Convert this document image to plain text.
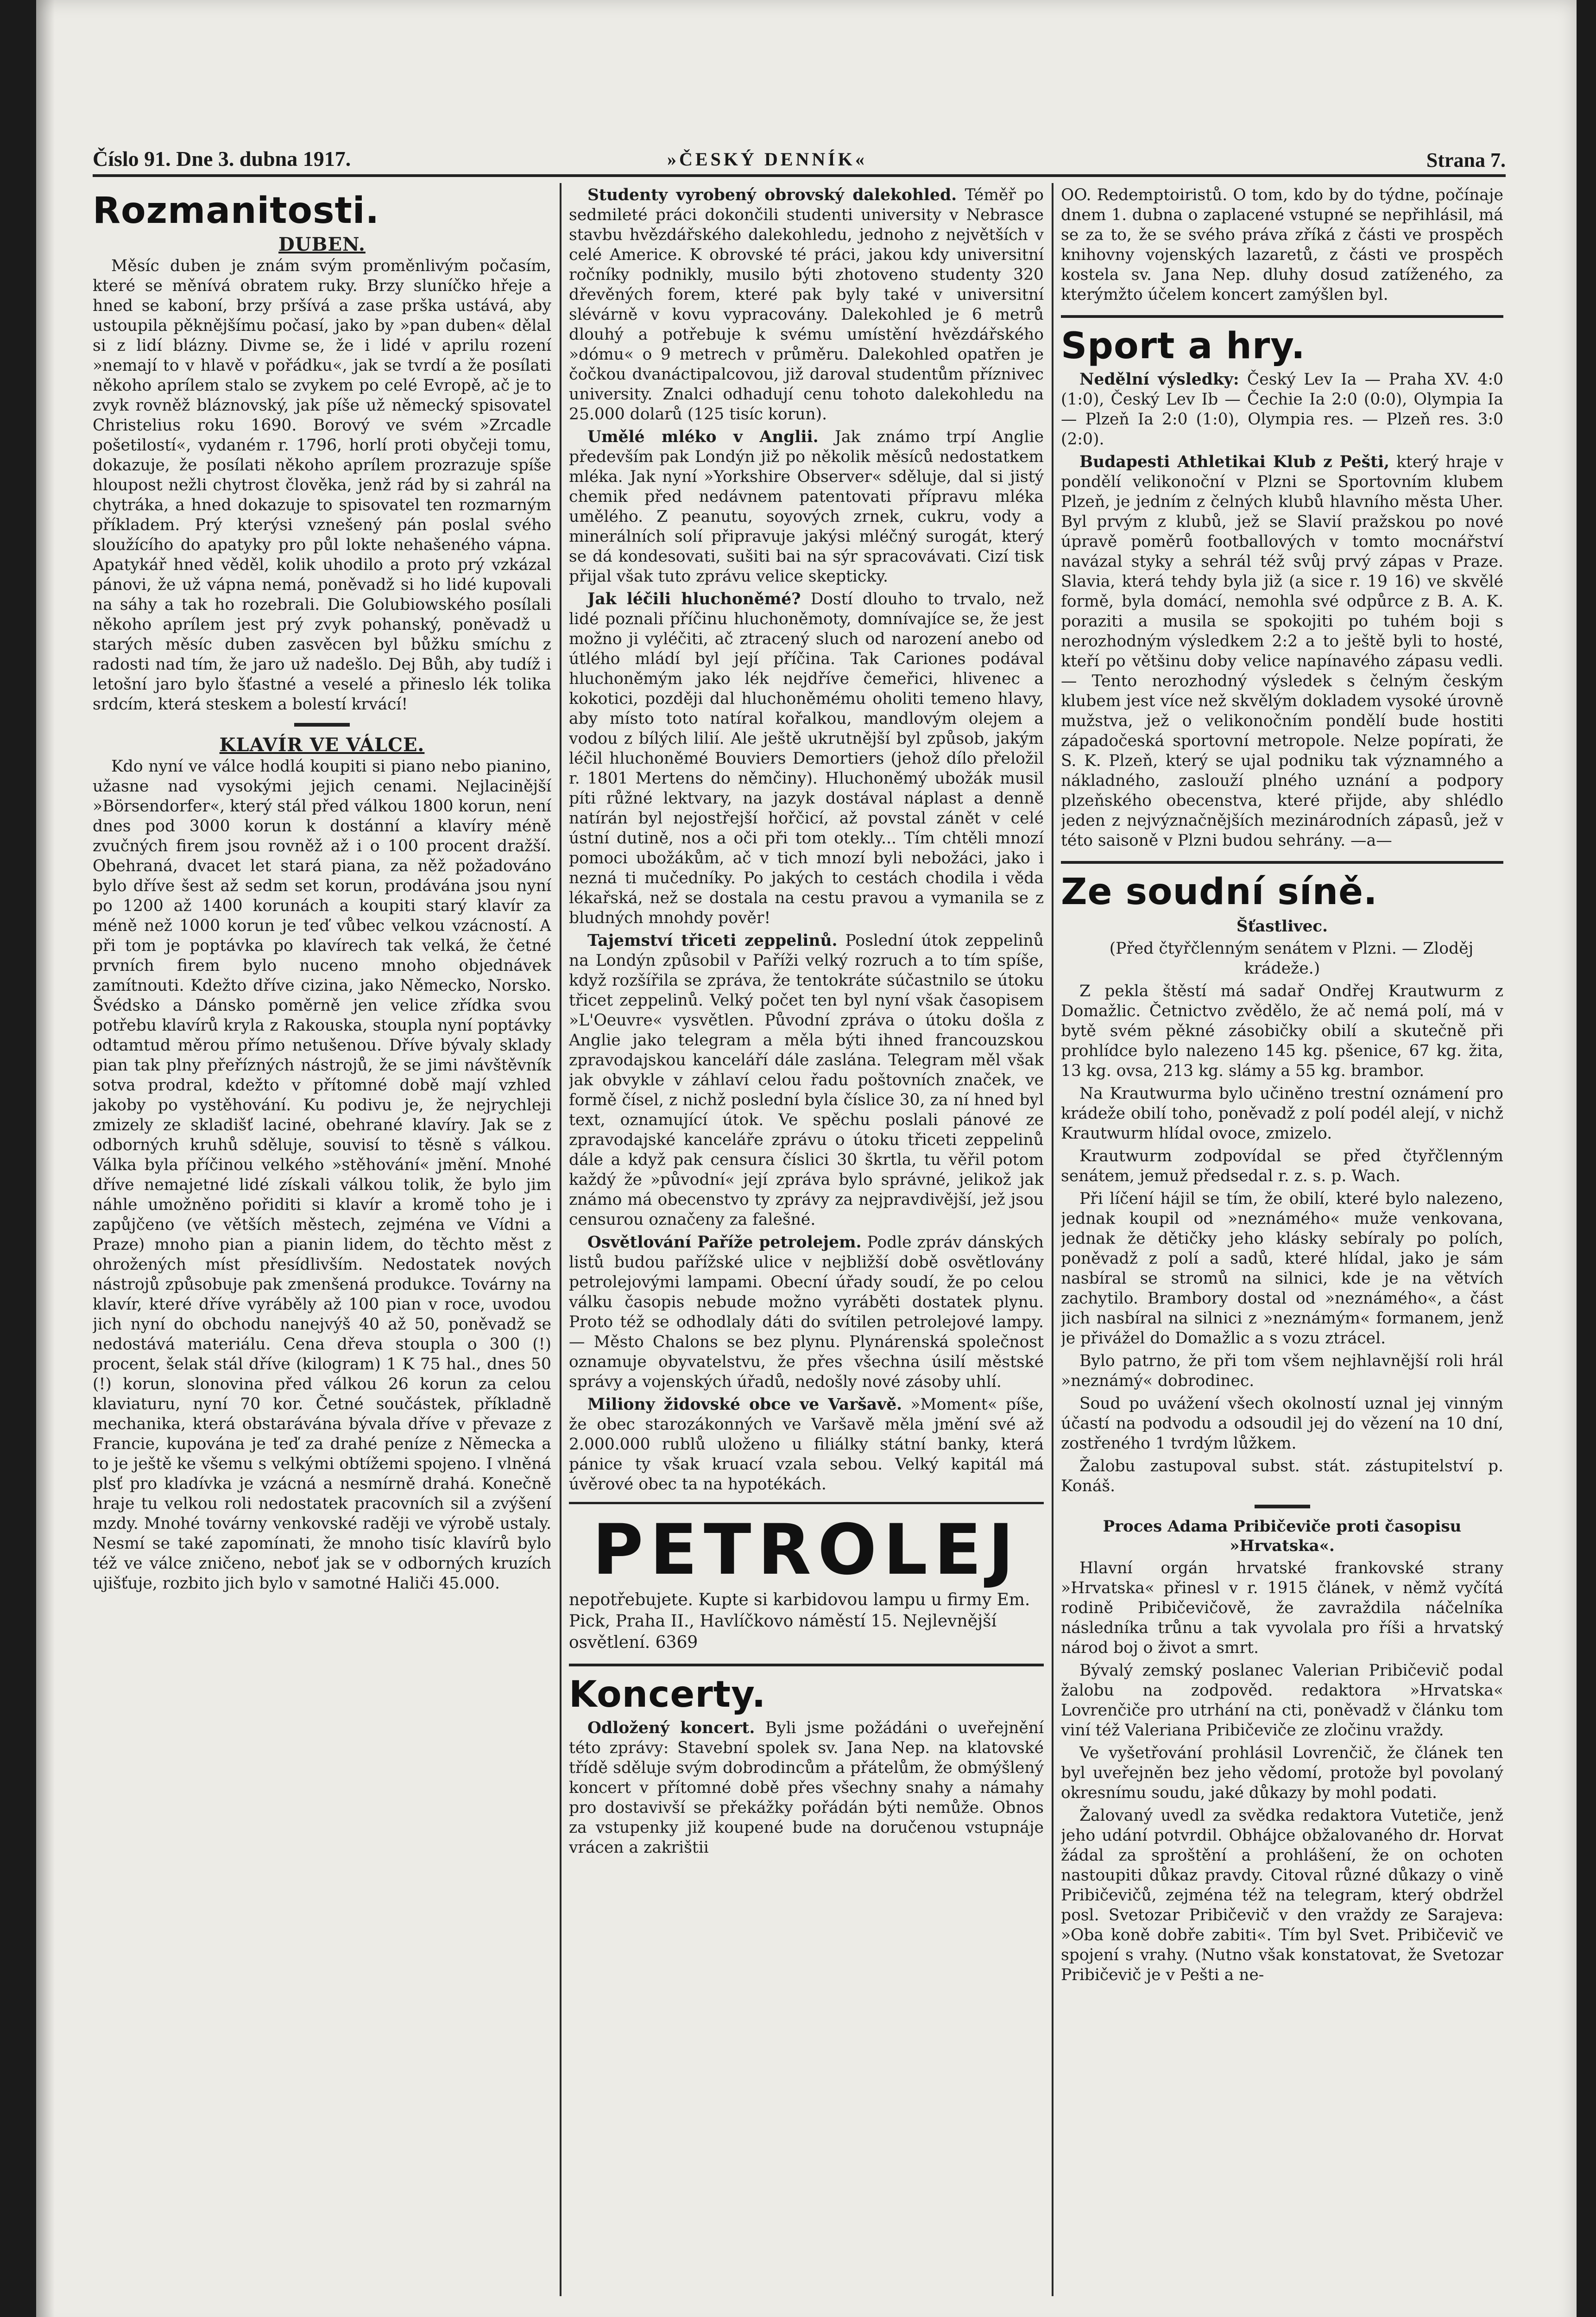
Číslo 91. Dne 3. dubna 1917.	»ČESKÝ DENNÍK«	Strana 7.
Rozmanitosti.
DUBEN.

Měsíc duben je znám svým proměnlivým počasím, které se měnívá obratem ruky. Brzy sluníčko hřeje a hned se kaboní, brzy pršívá a zase prška ustává, aby ustoupila pěknějšímu počasí, jako by »pan duben« dělal si z lidí blázny. Divme se, že i lidé v aprilu rození »nemají to v hlavě v pořádku«, jak se tvrdí a že posílati někoho aprílem stalo se zvykem po celé Evropě, ač je to zvyk rovněž bláznovský, jak píše už německý spisovatel Christelius roku 1690. Borový ve svém »Zrcadle pošetilostí«, vydaném r. 1796, horlí proti obyčeji tomu, dokazuje, že posílati někoho aprílem prozrazuje spíše hloupost nežli chytrost člověka, jenž rád by si zahrál na chytráka, a hned dokazuje to spisovatel ten rozmarným příkladem. Prý kterýsi vznešený pán poslal svého sloužícího do apatyky pro půl lokte nehašeného vápna. Apatykář hned věděl, kolik uhodilo a proto prý vzkázal pánovi, že už vápna nemá, poněvadž si ho lidé kupovali na sáhy a tak ho rozebrali. Die Golubiowského posílali někoho aprílem jest prý zvyk pohanský, poněvadž u starých měsíc duben zasvěcen byl bůžku smíchu z radosti nad tím, že jaro už nadešlo. Dej Bůh, aby tudíž i letošní jaro bylo šťastné a veselé a přineslo lék tolika srdcím, která steskem a bolestí krvácí!

KLAVÍR VE VÁLCE.

Kdo nyní ve válce hodlá koupiti si piano nebo pianino, užasne nad vysokými jejich cenami. Nejlacinější »Börsendorfer«, který stál před válkou 1800 korun, není dnes pod 3000 korun k dostánní a klavíry méně zvučných firem jsou rovněž až i o 100 procent dražší. Obehraná, dvacet let stará piana, za něž požadováno bylo dříve šest až sedm set korun, prodávána jsou nyní po 1200 až 1400 korunách a koupiti starý klavír za méně než 1000 korun je teď vůbec velkou vzácností. A při tom je poptávka po klavírech tak velká, že četné prvních firem bylo nuceno mnoho objednávek zamítnouti. Kdežto dříve cizina, jako Německo, Norsko. Švédsko a Dánsko poměrně jen velice zřídka svou potřebu klavírů kryla z Rakouska, stoupla nyní poptávky odtamtud měrou přímo netušenou. Dříve bývaly sklady pian tak plny přeřízných nástrojů, že se jimi návštěvník sotva prodral, kdežto v přítomné době mají vzhled jakoby po vystěhování. Ku podivu je, že nejrychleji zmizely ze skladišť laciné, obehrané klavíry. Jak se z odborných kruhů sděluje, souvisí to těsně s válkou. Válka byla příčinou velkého »stěhování« jmění. Mnohé dříve nemajetné lidé získali válkou tolik, že bylo jim náhle umožněno pořiditi si klavír a kromě toho je i zapůjčeno (ve větších městech, zejména ve Vídni a Praze) mnoho pian a pianin lidem, do těchto měst z ohrožených míst přesídlivším. Nedostatek nových nástrojů způsobuje pak zmenšená produkce. Továrny na klavír, které dříve vyráběly až 100 pian v roce, uvodou jich nyní do obchodu nanejvýš 40 až 50, poněvadž se nedostává materiálu. Cena dřeva stoupla o 300 (!) procent, šelak stál dříve (kilogram) 1 K 75 hal., dnes 50 (!) korun, slonovina před válkou 26 korun za celou klaviaturu, nyní 70 kor. Četné součástek, příkladně mechanika, která obstarávána bývala dříve v převaze z Francie, kupována je teď za drahé peníze z Německa a to je ještě ke všemu s velkými obtížemi spojeno. I vlněná plsť pro kladívka je vzácná a nesmírně drahá. Konečně hraje tu velkou roli nedostatek pracovních sil a zvýšení mzdy. Mnohé továrny venkovské raději ve výrobě ustaly. Nesmí se také zapomínati, že mnoho tisíc klavírů bylo též ve válce zničeno, neboť jak se v odborných kruzích ujišťuje, rozbito jich bylo v samotné Haliči 45.000.

Studenty vyrobený obrovský dalekohled. Téměř po sedmileté práci dokončili studenti university v Nebrasce stavbu hvězdářského dalekohledu, jednoho z největších v celé Americe. K obrovské té práci, jakou kdy universitní ročníky podnikly, musilo býti zhotoveno studenty 320 dřevěných forem, které pak byly také v universitní slévárně v kovu vypracovány. Dalekohled je 6 metrů dlouhý a potřebuje k svému umístění hvězdářského »dómu« o 9 metrech v průměru. Dalekohled opatřen je čočkou dvanáctipalcovou, již daroval studentům příznivec university. Znalci odhadují cenu tohoto dalekohledu na 25.000 dolarů (125 tisíc korun).

Umělé mléko v Anglii. Jak známo trpí Anglie především pak Londýn již po několik měsíců nedostatkem mléka. Jak nyní »Yorkshire Observer« sděluje, dal si jistý chemik před nedávnem patentovati přípravu mléka umělého. Z peanutu, soyových zrnek, cukru, vody a minerálních solí připravuje jakýsi mléčný surogát, který se dá kondesovati, sušiti bai na sýr spracovávati. Cizí tisk přijal však tuto zprávu velice skepticky.

Jak léčili hluchoněmé? Dostí dlouho to trvalo, než lidé poznali příčinu hluchoněmoty, domnívajíce se, že jest možno ji vyléčiti, ač ztracený sluch od narození anebo od útlého mládí byl její příčina. Tak Cariones podával hluchoněmým jako lék nejdříve čemeřici, hlivenec a kokotici, později dal hluchoněmému oholiti temeno hlavy, aby místo toto natíral kořalkou, mandlovým olejem a vodou z bílých lilií. Ale ještě ukrutnější byl způsob, jakým léčil hluchoněmé Bouviers Demortiers (jehož dílo přeložil r. 1801 Mertens do němčiny). Hluchoněmý ubožák musil píti růžné lektvary, na jazyk dostával náplast a denně natírán byl nejostřejší hořčicí, až povstal zánět v celé ústní dutině, nos a oči při tom otekly... Tím chtěli mnozí pomoci ubožákům, ač v tich mnozí byli nebožáci, jako i nezná ti mučedníky. Po jakých to cestách chodila i věda lékařská, než se dostala na cestu pravou a vymanila se z bludných mnohdy pověr!

Tajemství třiceti zeppelinů. Poslední útok zeppelinů na Londýn způsobil v Paříži velký rozruch a to tím spíše, když rozšířila se zpráva, že tentokráte súčastnilo se útoku třicet zeppelinů. Velký počet ten byl nyní však časopisem »L'Oeuvre« vysvětlen. Původní zpráva o útoku došla z Anglie jako telegram a měla býti ihned francouzskou zpravodajskou kanceláří dále zaslána. Telegram měl však jak obvykle v záhlaví celou řadu poštovních značek, ve formě čísel, z nichž poslední byla číslice 30, za ní hned byl text, oznamující útok. Ve spěchu poslali pánové ze zpravodajské kanceláře zprávu o útoku třiceti zeppelinů dále a když pak censura číslici 30 škrtla, tu věřil potom každý že »původní« její zpráva bylo správné, jelikož jak známo má obecenstvo ty zprávy za nejpravdivější, jež jsou censurou označeny za falešné.

Osvětlování Paříže petrolejem. Podle zpráv dánských listů budou pařížské ulice v nejbližší době osvětlovány petrolejovými lampami. Obecní úřady soudí, že po celou válku časopis nebude možno vyráběti dostatek plynu. Proto též se odhodlaly dáti do svítilen petrolejové lampy. — Město Chalons se bez plynu. Plynárenská společnost oznamuje obyvatelstvu, že přes všechna úsilí městské správy a vojenských úřadů, nedošly nové zásoby uhlí.

Miliony židovské obce ve Varšavě. »Moment« píše, že obec starozákonných ve Varšavě měla jmění své až 2.000.000 rublů uloženo u filiálky státní banky, která pánice ty však kruací vzala sebou. Velký kapitál má úvěrové obec ta na hypotékách.

PETROLEJ

nepotřebujete. Kupte si karbidovou lampu u firmy Em. Pick, Praha II., Havlíčkovo náměstí 15. Nejlevnější osvětlení. 6369

Koncerty.

Odložený koncert. Byli jsme požádáni o uveřejnění této zprávy: Stavební spolek sv. Jana Nep. na klatovské třídě sděluje svým dobrodincům a přátelům, že obmýšlený koncert v přítomné době přes všechny snahy a námahy pro dostavivší se překážky pořádán býti nemůže. Obnos za vstupenky již koupené bude na doručenou vstupnáje vrácen a zakrištii

OO. Redemptoiristů. O tom, kdo by do týdne, počínaje dnem 1. dubna o zaplacené vstupné se nepřihlásil, má se za to, že se svého práva zříká z části ve prospěch knihovny vojenských lazaretů, z části ve prospěch kostela sv. Jana Nep. dluhy dosud zatíženého, za kterýmžto účelem koncert zamýšlen byl.

Sport a hry.

Nedělní výsledky: Český Lev Ia — Praha XV. 4:0 (1:0), Český Lev Ib — Čechie Ia 2:0 (0:0), Olympia Ia — Plzeň Ia 2:0 (1:0), Olympia res. — Plzeň res. 3:0 (2:0).

Budapesti Athletikai Klub z Pešti, který hraje v pondělí velikonoční v Plzni se Sportovním klubem Plzeň, je jedním z čelných klubů hlavního města Uher. Byl prvým z klubů, jež se Slavií pražskou po nové úpravě poměrů footballových v tomto mocnářství navázal styky a sehrál též svůj prvý zápas v Praze. Slavia, která tehdy byla již (a sice r. 19 16) ve skvělé formě, byla domácí, nemohla své odpůrce z B. A. K. poraziti a musila se spokojiti po tuhém boji s nerozhodným výsledkem 2:2 a to ještě byli to hosté, kteří po většinu doby velice napínavého zápasu vedli. — Tento nerozhodný výsledek s čelným českým klubem jest více než skvělým dokladem vysoké úrovně mužstva, jež o velikonočním pondělí bude hostiti západočeská sportovní metropole. Nelze popírati, že S. K. Plzeň, který se ujal podniku tak významného a nákladného, zaslouží plného uznání a podpory plzeňského obecenstva, které přijde, aby shlédlo jeden z nejvýznačnějších mezinárodních zápasů, jež v této saisoně v Plzni budou sehrány. —a—

Ze soudní síně.
Šťastlivec.

(Před čtyřčlenným senátem v Plzni. — Zloděj krádeže.)

Z pekla štěstí má sadař Ondřej Krautwurm z Domažlic. Četnictvo zvědělo, že ač nemá polí, má v bytě svém pěkné zásobičky obilí a skutečně při prohlídce bylo nalezeno 145 kg. pšenice, 67 kg. žita, 13 kg. ovsa, 213 kg. slámy a 55 kg. brambor.

Na Krautwurma bylo učiněno trestní oznámení pro krádeže obilí toho, poněvadž z polí podél alejí, v nichž Krautwurm hlídal ovoce, zmizelo.

Krautwurm zodpovídal se před čtyřčlenným senátem, jemuž předsedal r. z. s. p. Wach.

Při líčení hájil se tím, že obilí, které bylo nalezeno, jednak koupil od »neznámého« muže venkovana, jednak že dětičky jeho klásky sebíraly po polích, poněvadž z polí a sadů, které hlídal, jako je sám nasbíral se stromů na silnici, kde je na větvích zachytilo. Brambory dostal od »neznámého«, a část jich nasbíral na silnici z »neznámým« formanem, jenž je přivážel do Domažlic a s vozu ztrácel.

Bylo patrno, že při tom všem nejhlavnější roli hrál »neznámý« dobrodinec.

Soud po uvážení všech okolností uznal jej vinným účastí na podvodu a odsoudil jej do vězení na 10 dní, zostřeného 1 tvrdým lůžkem.

Žalobu zastupoval subst. stát. zástupitelství p. Konáš.

Proces Adama Pribičeviče proti časopisu »Hrvatska«.

Hlavní orgán hrvatské frankovské strany »Hrvatska« přinesl v r. 1915 článek, v němž vyčítá rodině Pribičevičově, že zavraždila náčelníka následníka trůnu a tak vyvolala pro říši a hrvatský národ boj o život a smrt.

Bývalý zemský poslanec Valerian Pribičevič podal žalobu na zodpověd. redaktora »Hrvatska« Lovrenčiče pro utrhání na cti, poněvadž v článku tom viní též Valeriana Pribičeviče ze zločinu vraždy.

Ve vyšetřování prohlásil Lovrenčič, že článek ten byl uveřejněn bez jeho vědomí, protože byl povolaný okresnímu soudu, jaké důkazy by mohl podati.

Žalovaný uvedl za svědka redaktora Vutetiče, jenž jeho udání potvrdil. Obhájce obžalovaného dr. Horvat žádal za sproštění a prohlášení, že on ochoten nastoupiti důkaz pravdy. Citoval různé důkazy o vině Pribičevičů, zejména též na telegram, který obdržel posl. Svetozar Pribičevič v den vraždy ze Sarajeva: »Oba koně dobře zabiti«. Tím byl Svet. Pribičevič ve spojení s vrahy. (Nutno však konstatovat, že Svetozar Pribičevič je v Pešti a ne-
